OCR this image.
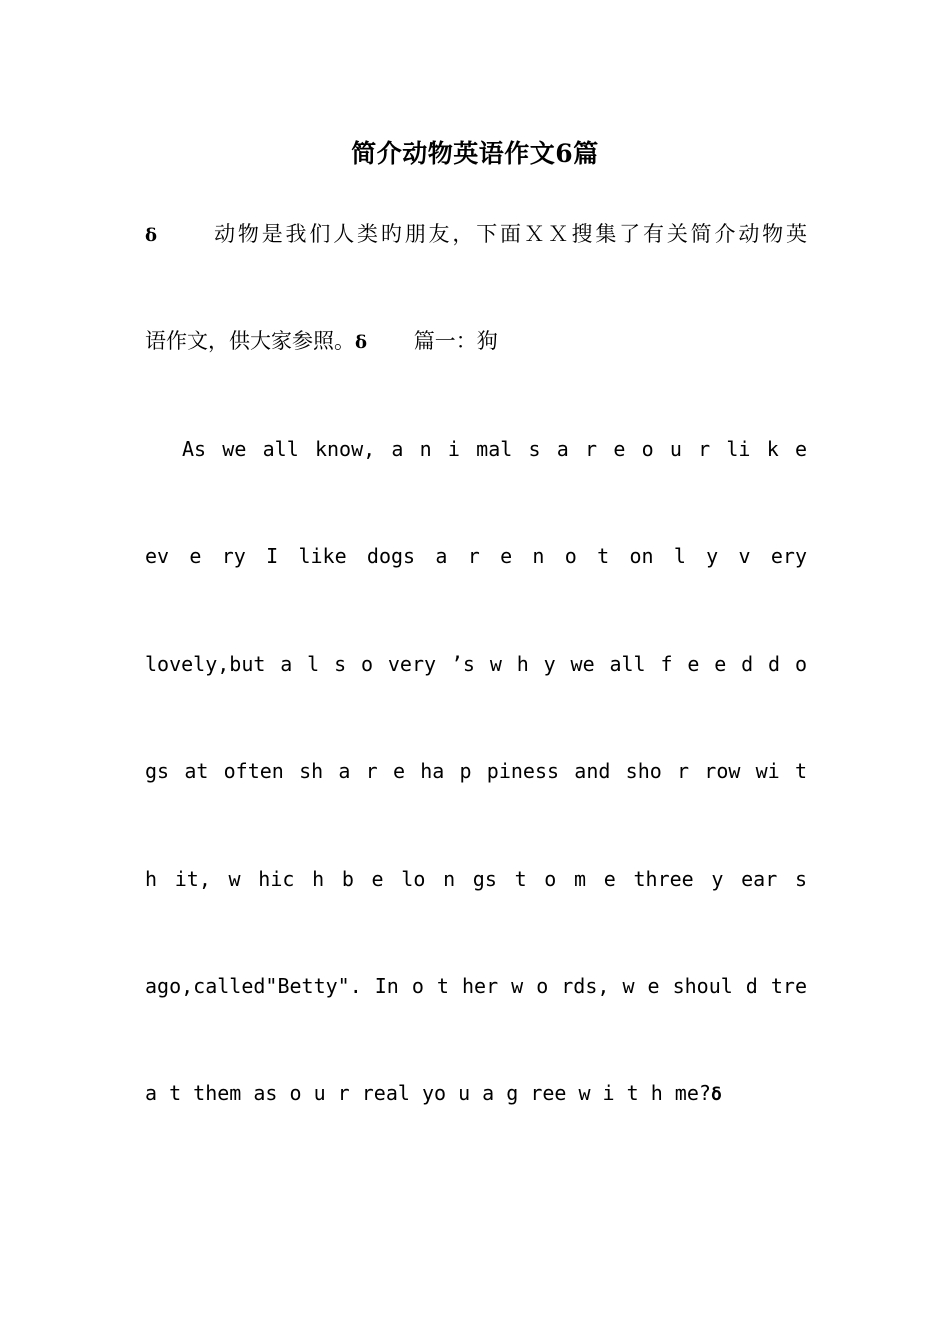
简介动物英语作文6篇
ẟ	动物是我们人类旳朋友，下面ＸＸ搜集了有关简介动物英
语作文，供大家参照。ẟ 篇一：狗
As we all know, a n i mal s a r e o u r li k e
ev e ry I like dogs a r e n o t on l y v ery
lovely,but a l s o very ’s w h y we all f e e d d o
gs at often sh a r e ha p piness and sho r row wi t
h it, w hic h b e lo n gs t o m e three y ear s
ago,called"Betty". In o t her w o rds, w e shoul d tre
a t them as o u r real yo u a g ree w i t h me?ẟ
